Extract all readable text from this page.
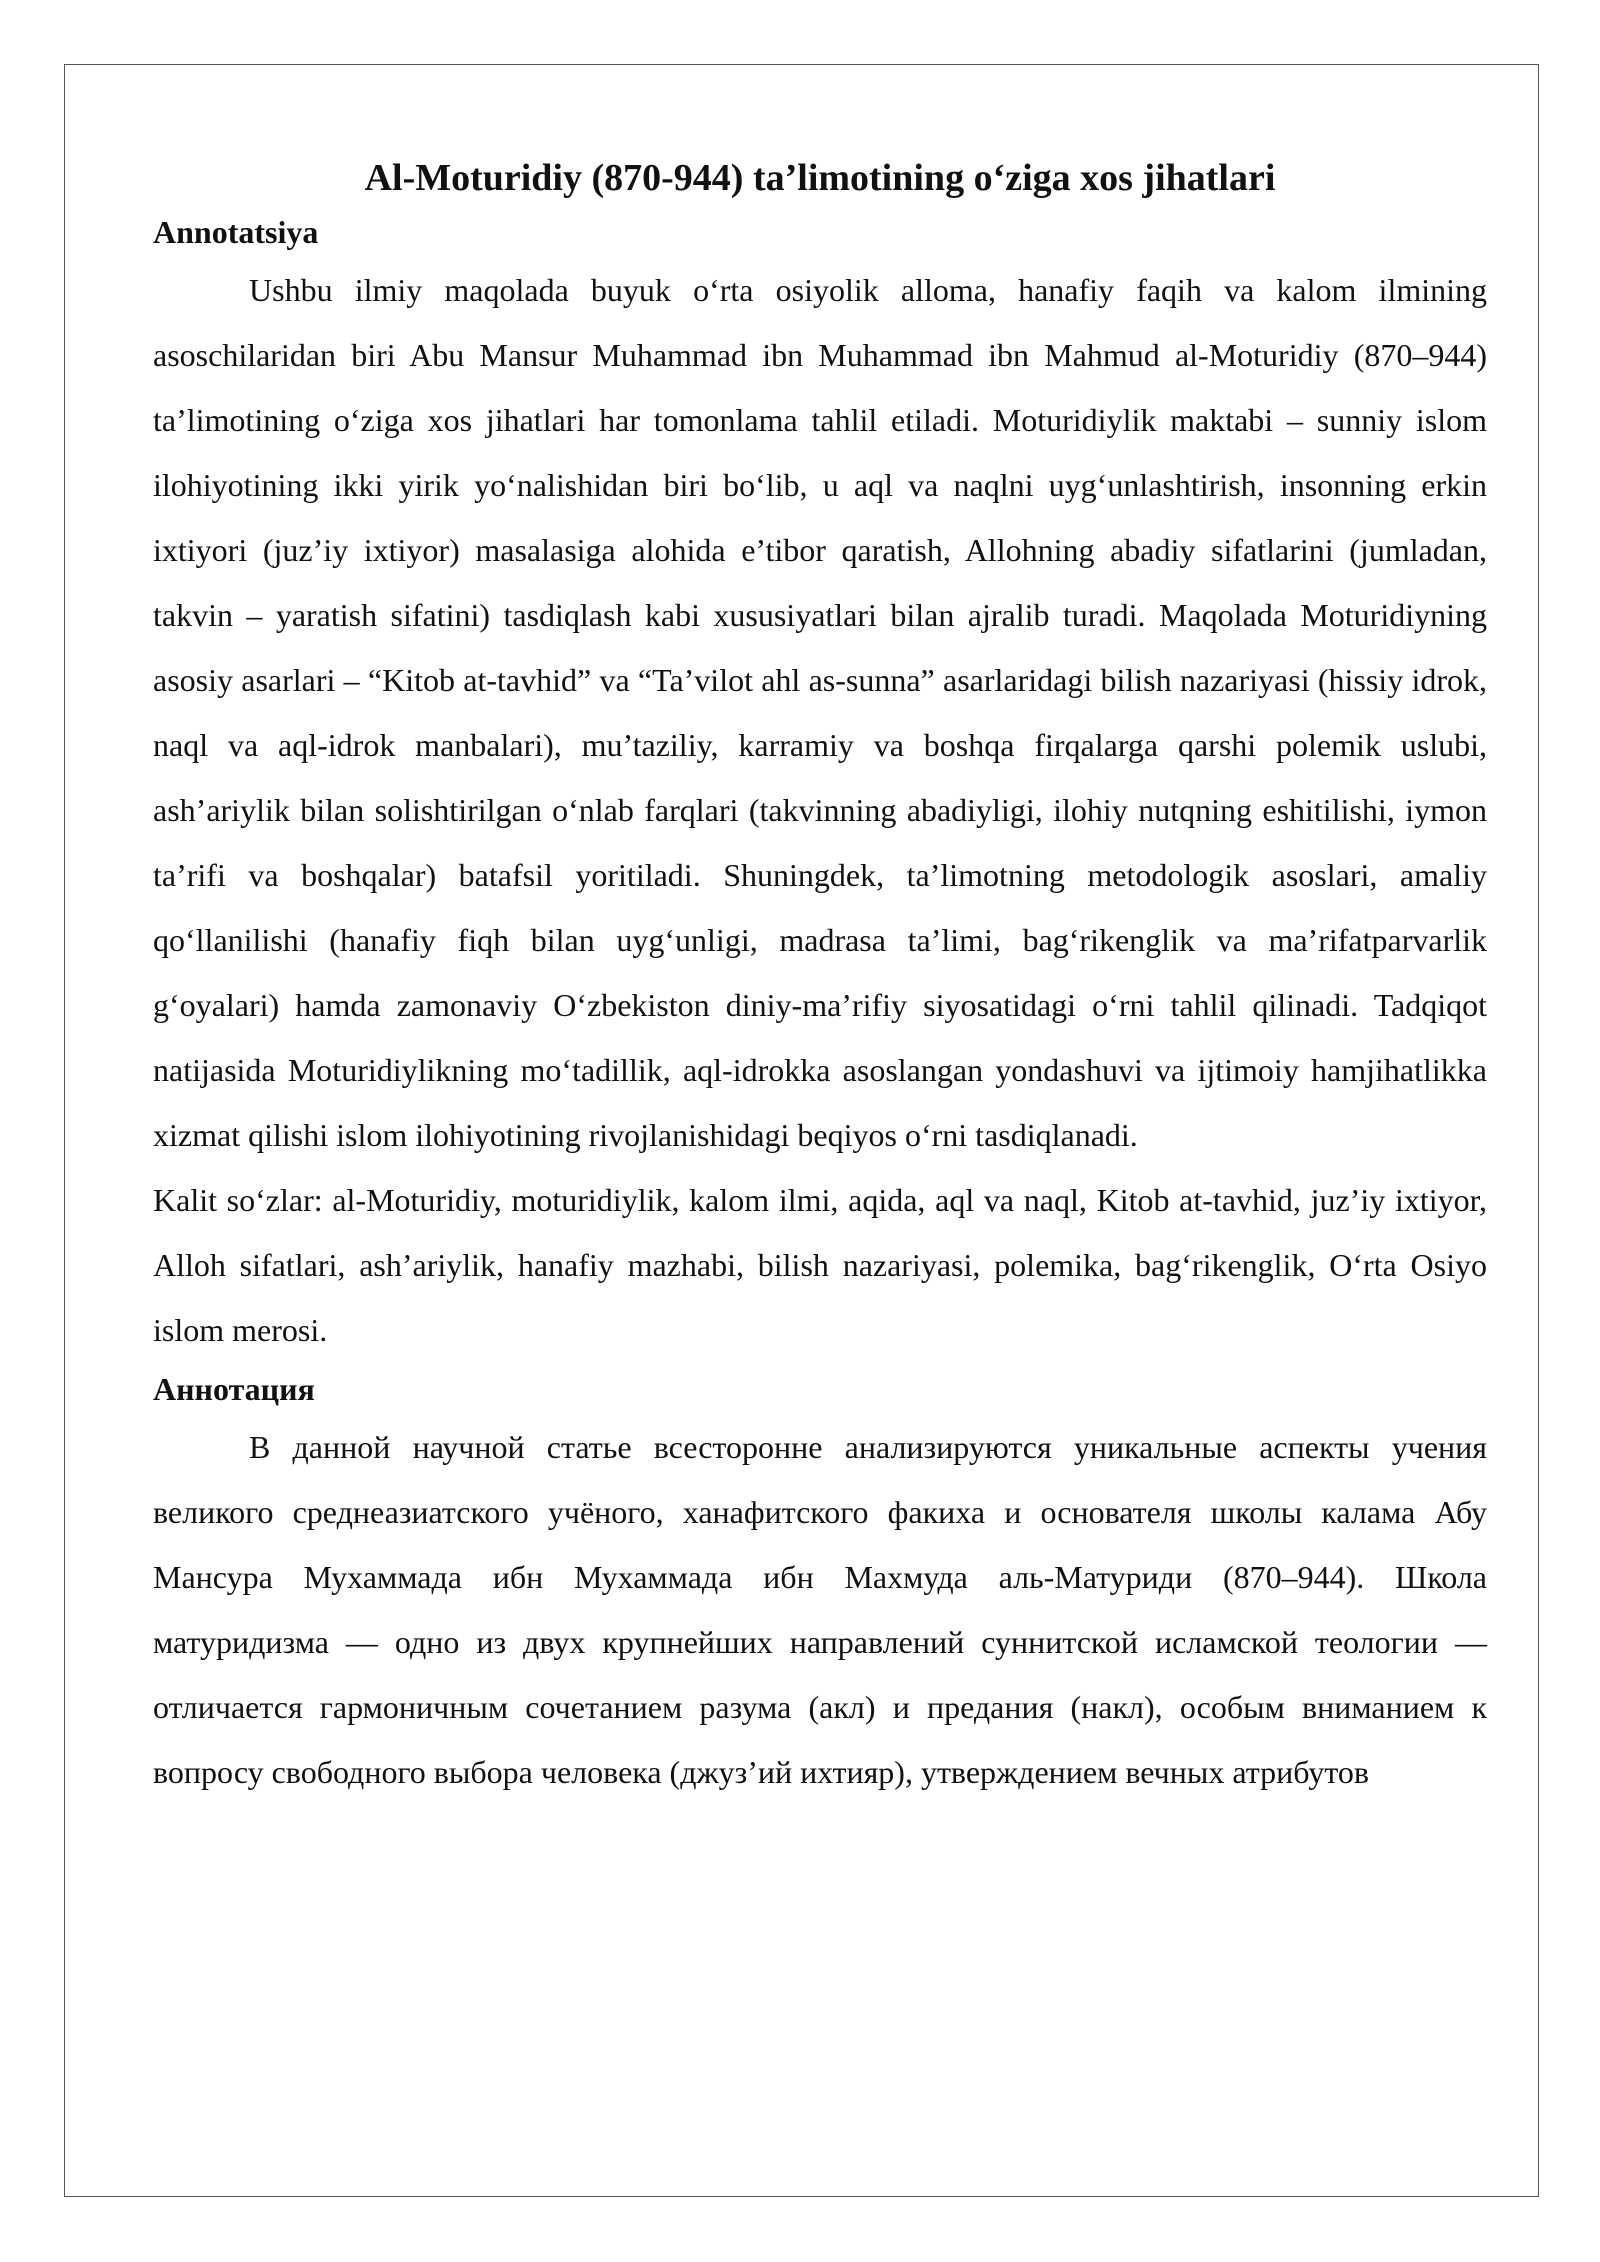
Al-Moturidiy (870-944) ta’limotining o‘ziga xos jihatlari
Annotatsiya

Ushbu ilmiy maqolada buyuk o‘rta osiyolik alloma, hanafiy faqih va kalom ilmining asoschilaridan biri Abu Mansur Muhammad ibn Muhammad ibn Mahmud al-Moturidiy (870–944) ta’limotining o‘ziga xos jihatlari har tomonlama tahlil etiladi. Moturidiylik maktabi – sunniy islom ilohiyotining ikki yirik yo‘nalishidan biri bo‘lib, u aql va naqlni uyg‘unlashtirish, insonning erkin ixtiyori (juz’iy ixtiyor) masalasiga alohida e’tibor qaratish, Allohning abadiy sifatlarini (jumladan, takvin – yaratish sifatini) tasdiqlash kabi xususiyatlari bilan ajralib turadi. Maqolada Moturidiyning asosiy asarlari – “Kitob at-tavhid” va “Ta’vilot ahl as-sunna” asarlaridagi bilish nazariyasi (hissiy idrok, naql va aql-idrok manbalari), mu’taziliy, karramiy va boshqa firqalarga qarshi polemik uslubi, ash’ariylik bilan solishtirilgan o‘nlab farqlari (takvinning abadiyligi, ilohiy nutqning eshitilishi, iymon ta’rifi va boshqalar) batafsil yoritiladi. Shuningdek, ta’limotning metodologik asoslari, amaliy qo‘llanilishi (hanafiy fiqh bilan uyg‘unligi, madrasa ta’limi, bag‘rikenglik va ma’rifatparvarlik g‘oyalari) hamda zamonaviy O‘zbekiston diniy-ma’rifiy siyosatidagi o‘rni tahlil qilinadi. Tadqiqot natijasida Moturidiylikning mo‘tadillik, aql-idrokka asoslangan yondashuvi va ijtimoiy hamjihatlikka xizmat qilishi islom ilohiyotining rivojlanishidagi beqiyos o‘rni tasdiqlanadi.

Kalit so‘zlar: al-Moturidiy, moturidiylik, kalom ilmi, aqida, aql va naql, Kitob at-tavhid, juz’iy ixtiyor, Alloh sifatlari, ash’ariylik, hanafiy mazhabi, bilish nazariyasi, polemika, bag‘rikenglik, O‘rta Osiyo islom merosi.

Аннотация

В данной научной статье всесторонне анализируются уникальные аспекты учения великого среднеазиатского учёного, ханафитского факиха и основателя школы калама Абу Мансура Мухаммада ибн Мухаммада ибн Махмуда аль-Матуриди (870–944). Школа матуридизма — одно из двух крупнейших направлений суннитской исламской теологии — отличается гармоничным сочетанием разума (акл) и предания (накл), особым вниманием к вопросу свободного выбора человека (джуз’ий ихтияр), утверждением вечных атрибутов
